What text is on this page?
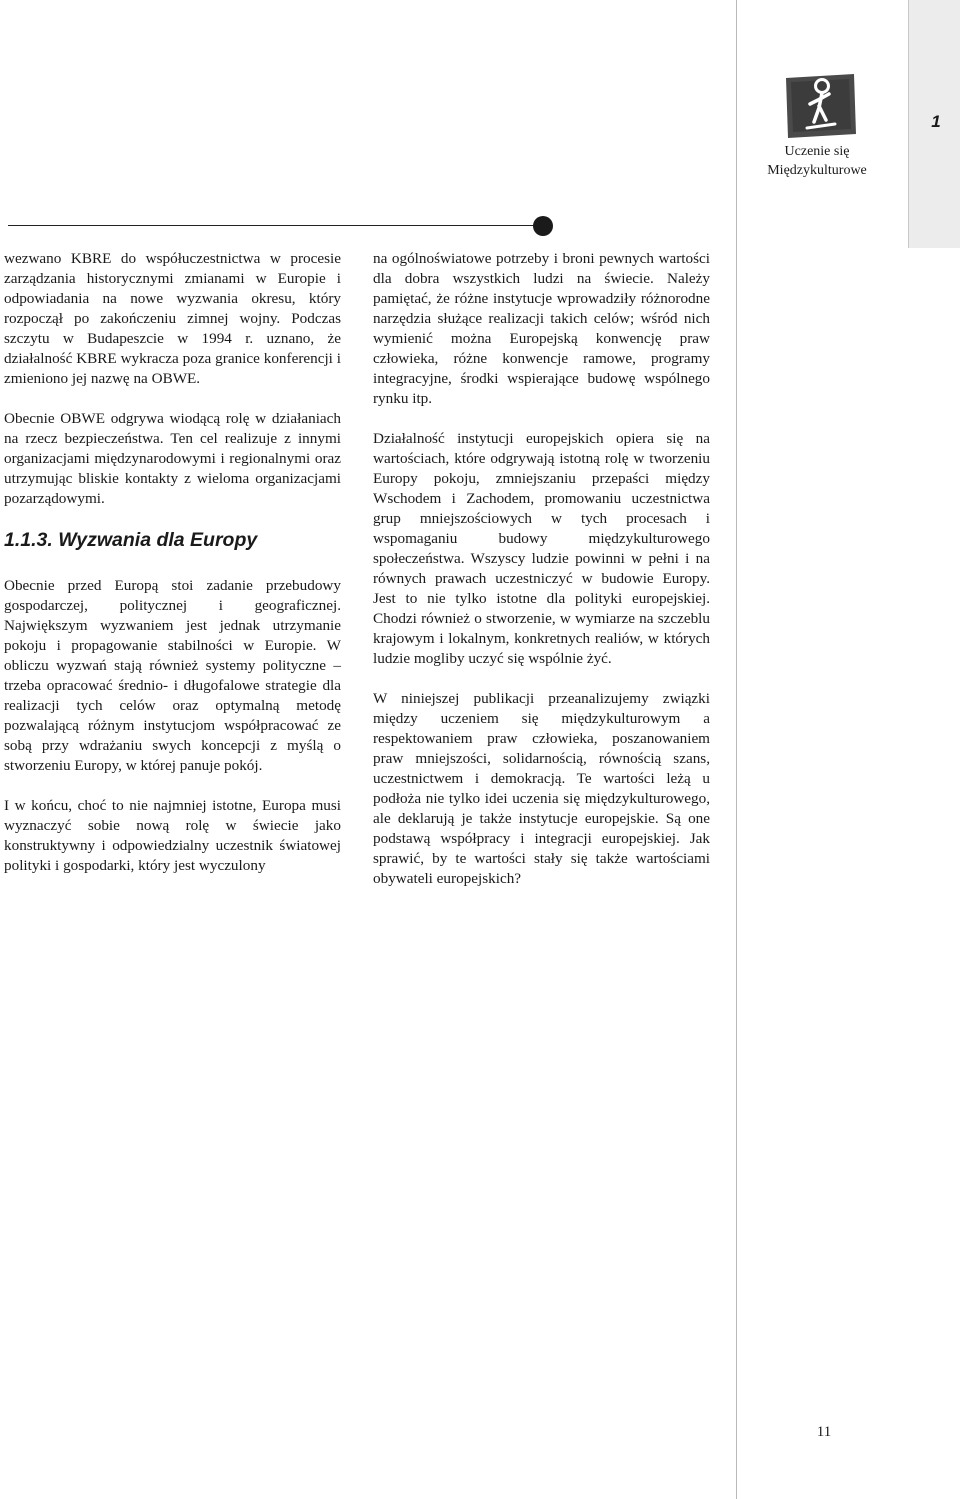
1
Uczenie się
Międzykulturowe

wezwano KBRE do współuczestnictwa w procesie zarządzania historycznymi zmianami w Europie i odpowiadania na nowe wyzwania okresu, który rozpoczął po zakończeniu zimnej wojny. Podczas szczytu w Budapeszcie w 1994 r. uznano, że działalność KBRE wykracza poza granice konferencji i zmieniono jej nazwę na OBWE.

Obecnie OBWE odgrywa wiodącą rolę w działaniach na rzecz bezpieczeństwa. Ten cel realizuje z innymi organizacjami międzynarodowymi i regionalnymi oraz utrzymując bliskie kontakty z wieloma organizacjami pozarządowymi.

1.1.3. Wyzwania dla Europy

Obecnie przed Europą stoi zadanie przebudowy gospodarczej, politycznej i geograficznej. Największym wyzwaniem jest jednak utrzymanie pokoju i propagowanie stabilności w Europie. W obliczu wyzwań stają również systemy polityczne – trzeba opracować średnio- i długofalowe strategie dla realizacji tych celów oraz optymalną metodę pozwalającą różnym instytucjom współpracować ze sobą przy wdrażaniu swych koncepcji z myślą o stworzeniu Europy, w której panuje pokój.

I w końcu, choć to nie najmniej istotne, Europa musi wyznaczyć sobie nową rolę w świecie jako konstruktywny i odpowiedzialny uczestnik światowej polityki i gospodarki, który jest wyczulony

na ogólnoświatowe potrzeby i broni pewnych wartości dla dobra wszystkich ludzi na świecie. Należy pamiętać, że różne instytucje wprowadziły różnorodne narzędzia służące realizacji takich celów; wśród nich wymienić można Europejską konwencję praw człowieka, różne konwencje ramowe, programy integracyjne, środki wspierające budowę wspólnego rynku itp.

Działalność instytucji europejskich opiera się na wartościach, które odgrywają istotną rolę w tworzeniu Europy pokoju, zmniejszaniu przepaści między Wschodem i Zachodem, promowaniu uczestnictwa grup mniejszościowych w tych procesach i wspomaganiu budowy międzykulturowego społeczeństwa. Wszyscy ludzie powinni w pełni i na równych prawach uczestniczyć w budowie Europy. Jest to nie tylko istotne dla polityki europejskiej. Chodzi również o stworzenie, w wymiarze na szczeblu krajowym i lokalnym, konkretnych realiów, w których ludzie mogliby uczyć się wspólnie żyć.

W niniejszej publikacji przeanalizujemy związki między uczeniem się międzykulturowym a respektowaniem praw człowieka, poszanowaniem praw mniejszości, solidarnością, równością szans, uczestnictwem i demokracją. Te wartości leżą u podłoża nie tylko idei uczenia się międzykulturowego, ale deklarują je także instytucje europejskie. Są one podstawą współpracy i integracji europejskiej. Jak sprawić, by te wartości stały się także wartościami obywateli europejskich?

11
